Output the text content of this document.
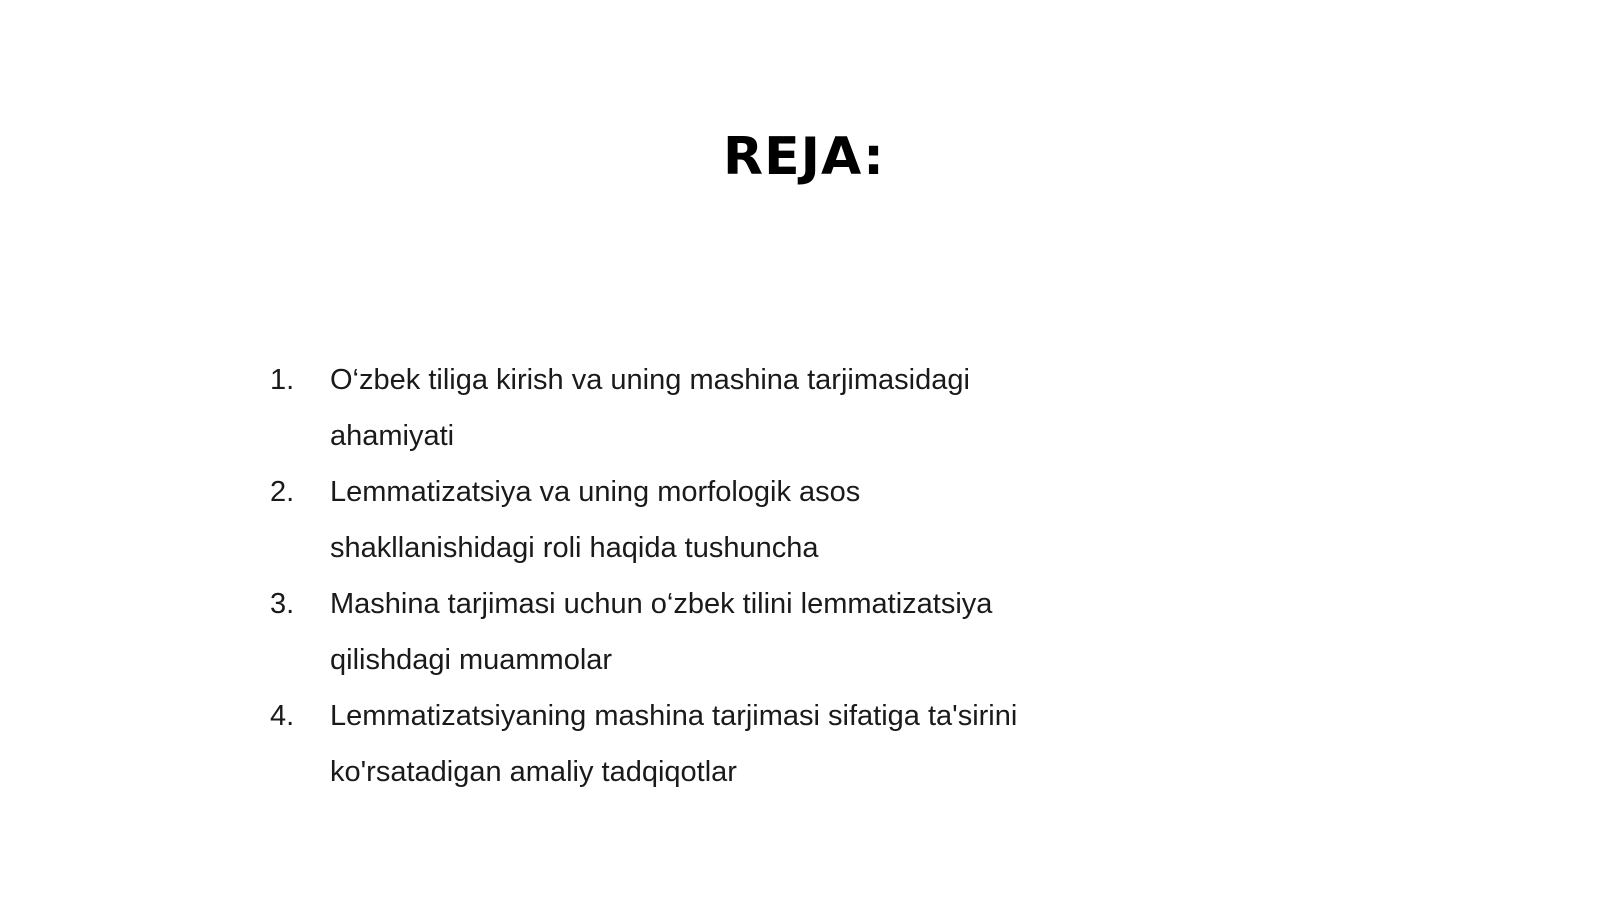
REJA:
1.	O‘zbek tiliga kirish va uning mashina tarjimasidagi ahamiyati
2.	Lemmatizatsiya va uning morfologik asos shakllanishidagi roli haqida tushuncha
3.	Mashina tarjimasi uchun o‘zbek tilini lemmatizatsiya qilishdagi muammolar
4.	Lemmatizatsiyaning mashina tarjimasi sifatiga ta'sirini ko'rsatadigan amaliy tadqiqotlar
